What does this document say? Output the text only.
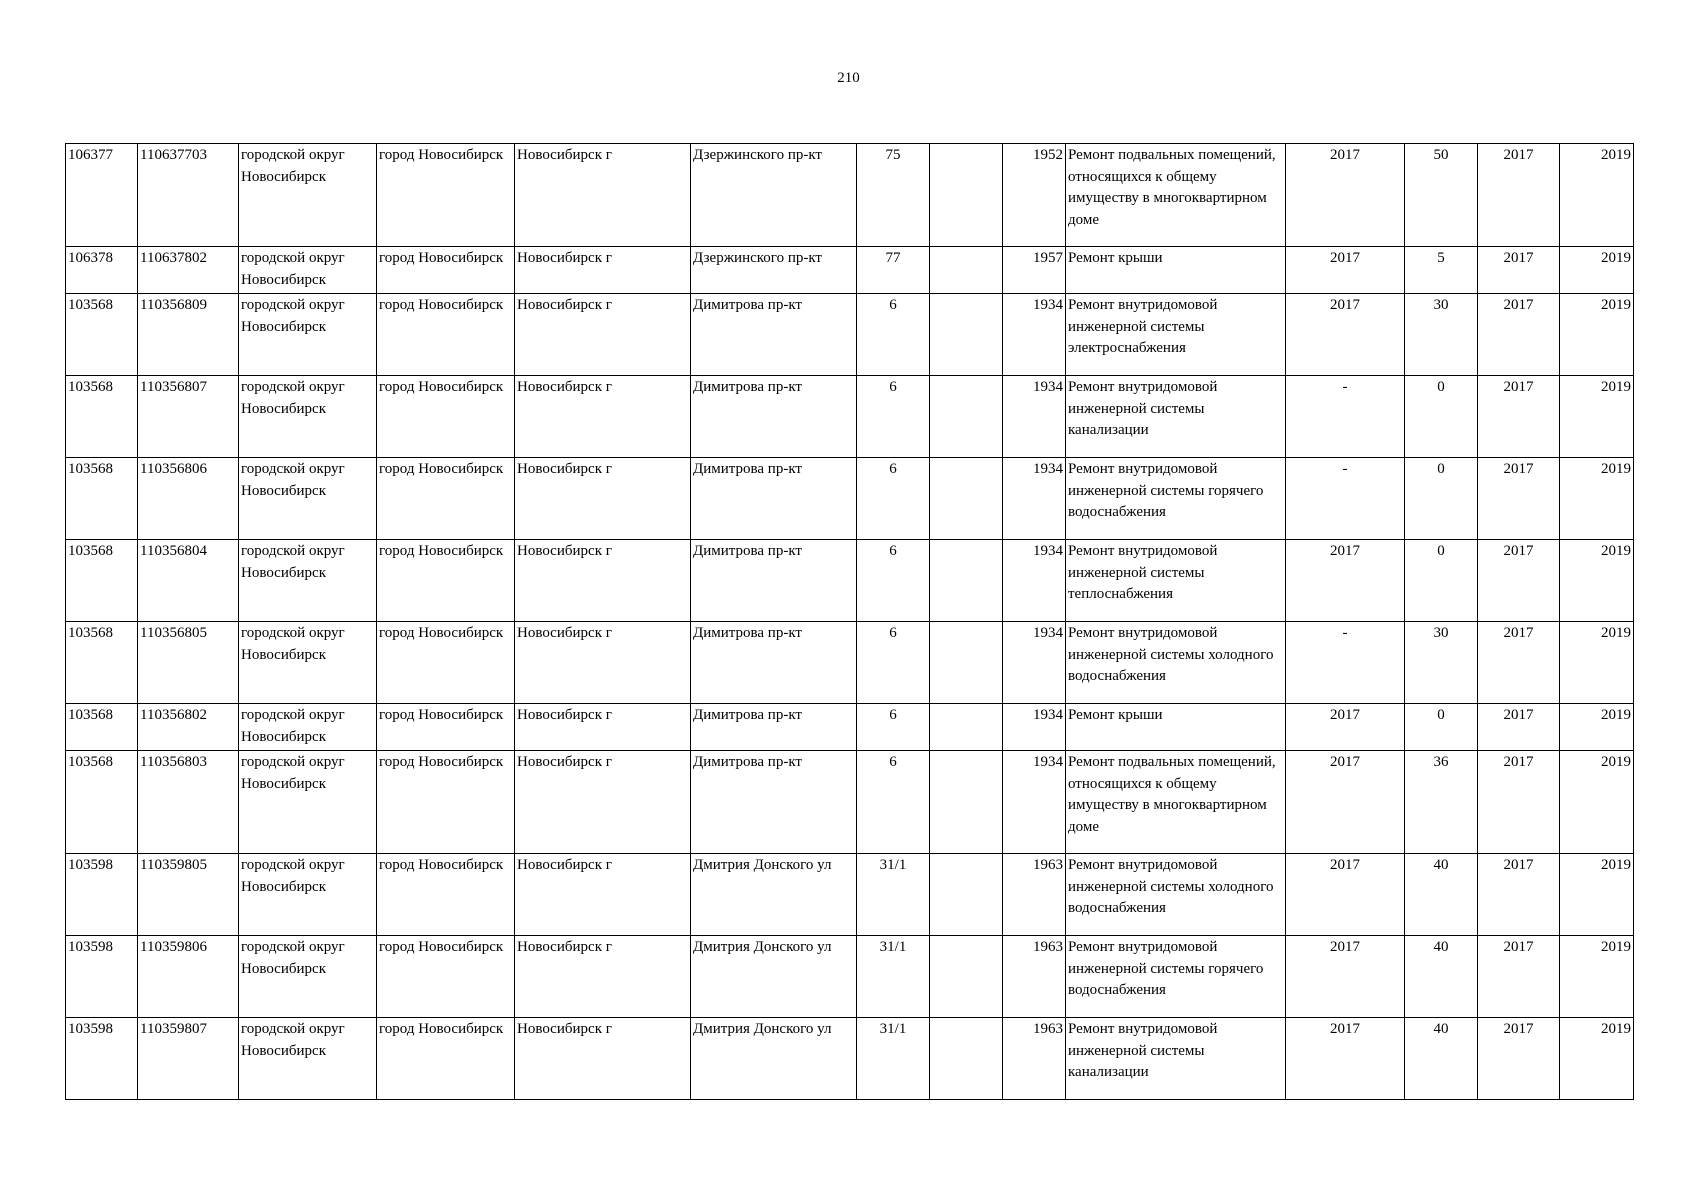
210
106377	110637703	городской округ Новосибирск	город Новосибирск	Новосибирск г	Дзержинского пр-кт	75		1952	Ремонт подвальных помещений, относящихся к общему имуществу в многоквартирном доме	2017	50	2017	2019
106378	110637802	городской округ Новосибирск	город Новосибирск	Новосибирск г	Дзержинского пр-кт	77		1957	Ремонт крыши	2017	5	2017	2019
103568	110356809	городской округ Новосибирск	город Новосибирск	Новосибирск г	Димитрова пр-кт	6		1934	Ремонт внутридомовой инженерной системы электроснабжения	2017	30	2017	2019
103568	110356807	городской округ Новосибирск	город Новосибирск	Новосибирск г	Димитрова пр-кт	6		1934	Ремонт внутридомовой инженерной системы канализации	-	0	2017	2019
103568	110356806	городской округ Новосибирск	город Новосибирск	Новосибирск г	Димитрова пр-кт	6		1934	Ремонт внутридомовой инженерной системы горячего водоснабжения	-	0	2017	2019
103568	110356804	городской округ Новосибирск	город Новосибирск	Новосибирск г	Димитрова пр-кт	6		1934	Ремонт внутридомовой инженерной системы теплоснабжения	2017	0	2017	2019
103568	110356805	городской округ Новосибирск	город Новосибирск	Новосибирск г	Димитрова пр-кт	6		1934	Ремонт внутридомовой инженерной системы холодного водоснабжения	-	30	2017	2019
103568	110356802	городской округ Новосибирск	город Новосибирск	Новосибирск г	Димитрова пр-кт	6		1934	Ремонт крыши	2017	0	2017	2019
103568	110356803	городской округ Новосибирск	город Новосибирск	Новосибирск г	Димитрова пр-кт	6		1934	Ремонт подвальных помещений, относящихся к общему имуществу в многоквартирном доме	2017	36	2017	2019
103598	110359805	городской округ Новосибирск	город Новосибирск	Новосибирск г	Дмитрия Донского ул	31/1		1963	Ремонт внутридомовой инженерной системы холодного водоснабжения	2017	40	2017	2019
103598	110359806	городской округ Новосибирск	город Новосибирск	Новосибирск г	Дмитрия Донского ул	31/1		1963	Ремонт внутридомовой инженерной системы горячего водоснабжения	2017	40	2017	2019
103598	110359807	городской округ Новосибирск	город Новосибирск	Новосибирск г	Дмитрия Донского ул	31/1		1963	Ремонт внутридомовой инженерной системы канализации	2017	40	2017	2019
